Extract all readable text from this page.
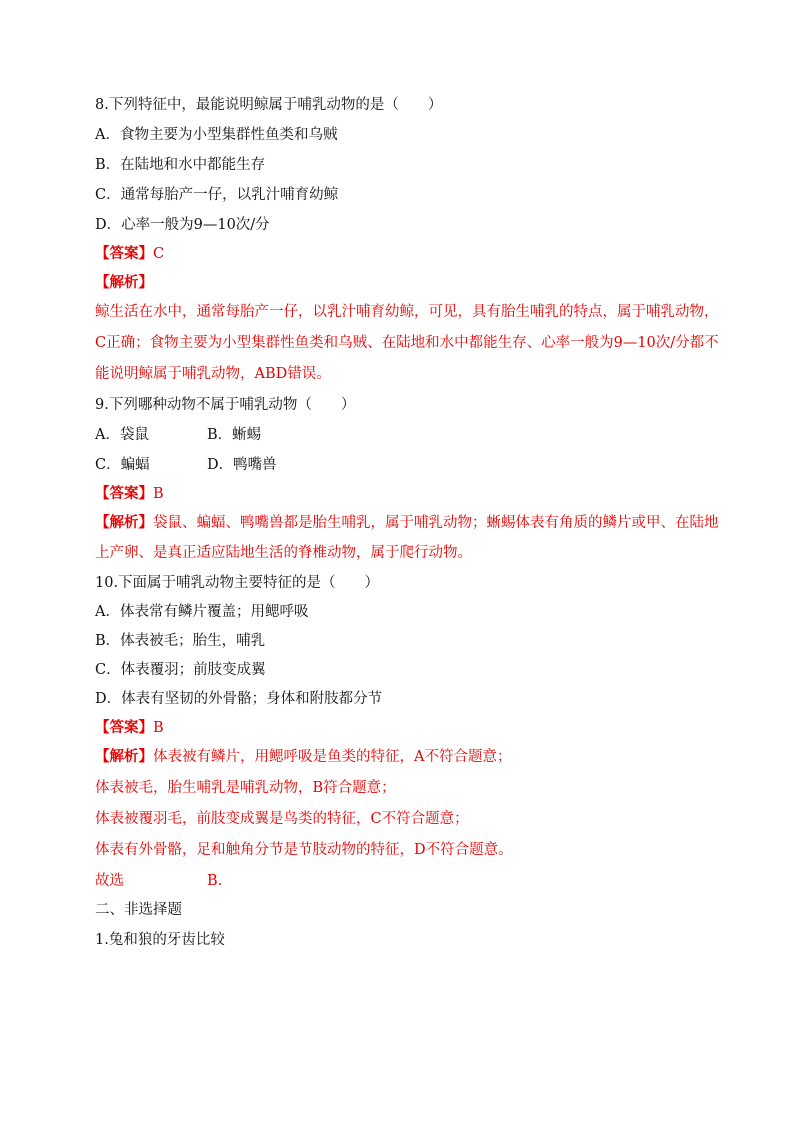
8.下列特征中，最能说明鲸属于哺乳动物的是（　　）
A．食物主要为小型集群性鱼类和乌贼
B．在陆地和水中都能生存
C．通常每胎产一仔，以乳汁哺育幼鲸
D．心率一般为9—10次/分
【答案】C
【解析】
鲸生活在水中，通常每胎产一仔，以乳汁哺育幼鲸，可见，具有胎生哺乳的特点，属于哺乳动物，
C正确；食物主要为小型集群性鱼类和乌贼、在陆地和水中都能生存、心率一般为9—10次/分都不
能说明鲸属于哺乳动物，ABD错误。
9.下列哪种动物不属于哺乳动物（　　）
A．袋鼠	B．蜥蜴
C．蝙蝠	D．鸭嘴兽
【答案】B
【解析】袋鼠、蝙蝠、鸭嘴兽都是胎生哺乳，属于哺乳动物；蜥蜴体表有角质的鳞片或甲、在陆地
上产卵、是真正适应陆地生活的脊椎动物，属于爬行动物。
10.下面属于哺乳动物主要特征的是（　　）
A．体表常有鳞片覆盖；用鳃呼吸
B．体表被毛；胎生，哺乳
C．体表覆羽；前肢变成翼
D．体表有坚韧的外骨骼；身体和附肢都分节
【答案】B
【解析】体表被有鳞片，用鳃呼吸是鱼类的特征，A不符合题意；
体表被毛，胎生哺乳是哺乳动物，B符合题意；
体表被覆羽毛，前肢变成翼是鸟类的特征，C不符合题意；
体表有外骨骼，足和触角分节是节肢动物的特征，D不符合题意。
故选	B.
二、非选择题
1.兔和狼的牙齿比较
